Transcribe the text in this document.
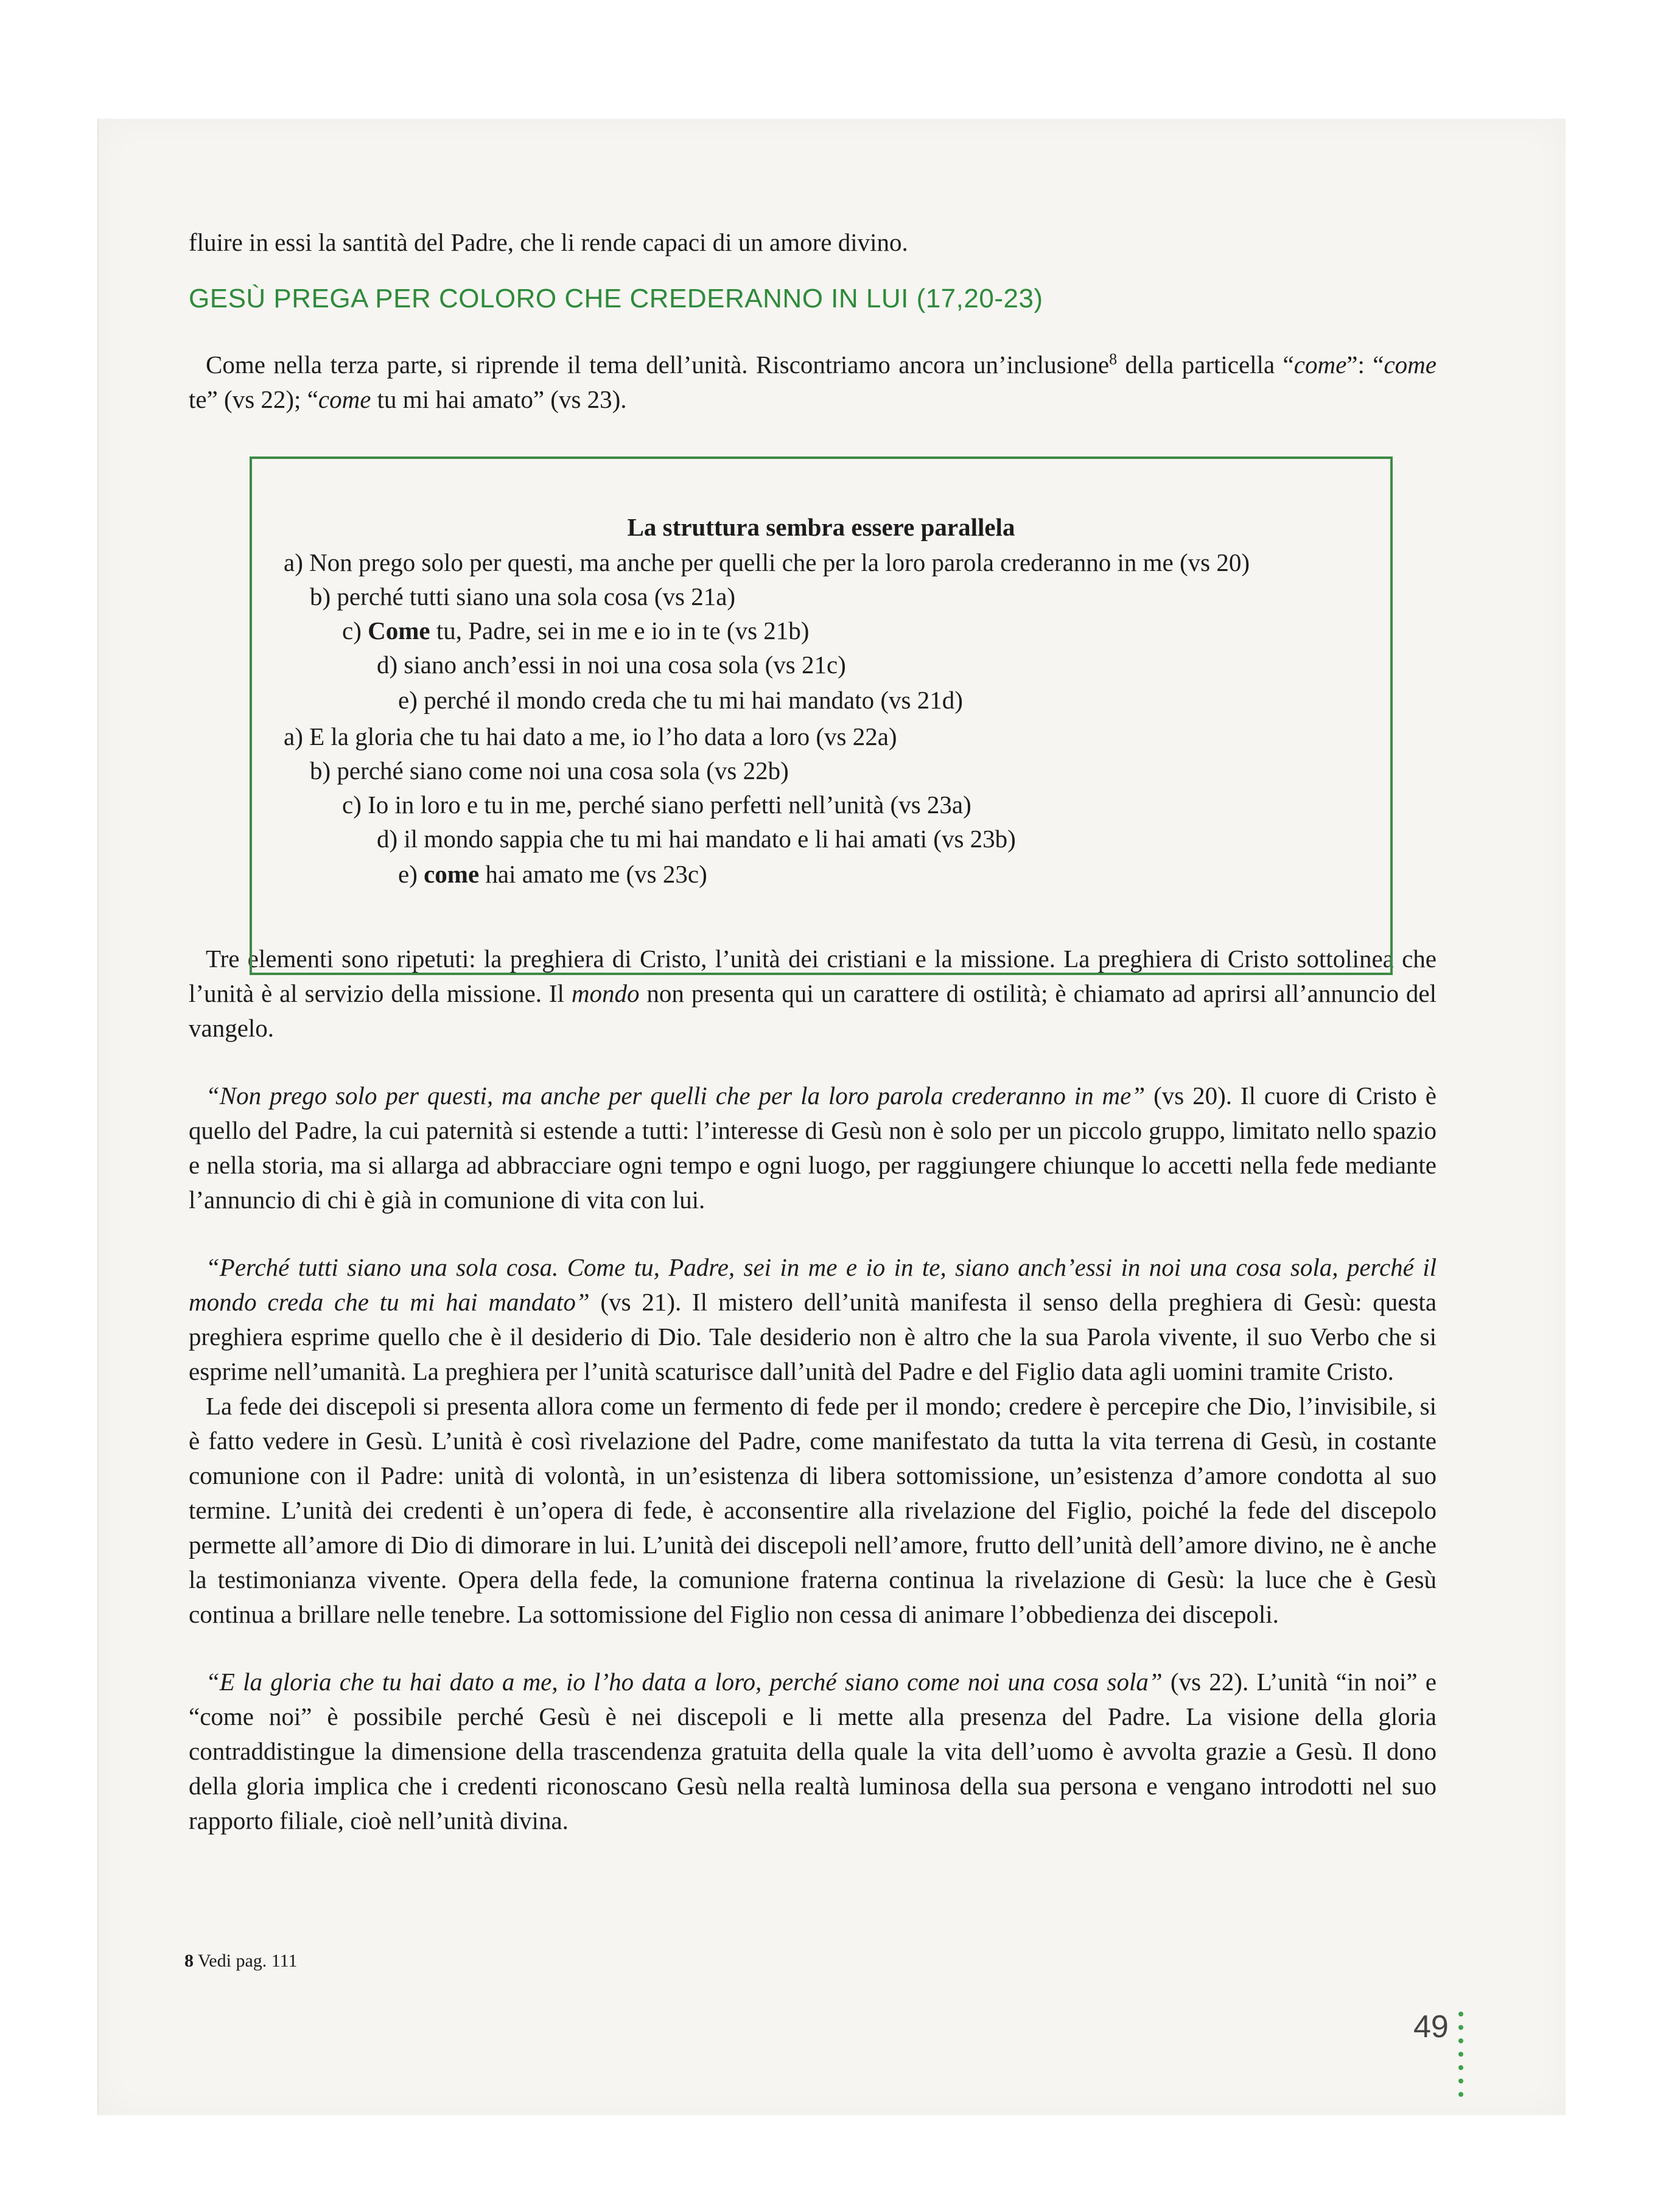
fluire in essi la santità del Padre, che li rende capaci di un amore divino.

GESÙ PREGA PER COLORO CHE CREDERANNO IN LUI (17,20-23)

Come nella terza parte, si riprende il tema dell’unità. Riscontriamo ancora un’inclusione$^8$ della particella “come”: “come te” (vs 22); “come tu mi hai amato” (vs 23).

Tre elementi sono ripetuti: la preghiera di Cristo, l’unità dei cristiani e la missione. La preghiera di Cristo sottolinea che l’unità è al servizio della missione. Il mondo non presenta qui un carattere di ostilità; è chiamato ad aprirsi all’annuncio del vangelo.

“Non prego solo per questi, ma anche per quelli che per la loro parola crederanno in me” (vs 20). Il cuore di Cristo è quello del Padre, la cui paternità si estende a tutti: l’interesse di Gesù non è solo per un piccolo gruppo, limitato nello spazio e nella storia, ma si allarga ad abbracciare ogni tempo e ogni luogo, per raggiungere chiunque lo accetti nella fede mediante l’annuncio di chi è già in comunione di vita con lui.

“Perché tutti siano una sola cosa. Come tu, Padre, sei in me e io in te, siano anch’essi in noi una cosa sola, perché il mondo creda che tu mi hai mandato” (vs 21). Il mistero dell’unità manifesta il senso della preghiera di Gesù: questa preghiera esprime quello che è il desiderio di Dio. Tale desiderio non è altro che la sua Parola vivente, il suo Verbo che si esprime nell’umanità. La preghiera per l’unità scaturisce dall’unità del Padre e del Figlio data agli uomini tramite Cristo.

La fede dei discepoli si presenta allora come un fermento di fede per il mondo; credere è percepire che Dio, l’invisibile, si è fatto vedere in Gesù. L’unità è così rivelazione del Padre, come manifestato da tutta la vita terrena di Gesù, in costante comunione con il Padre: unità di volontà, in un’esistenza di libera sottomissione, un’esistenza d’amore condotta al suo termine. L’unità dei credenti è un’opera di fede, è acconsentire alla rivelazione del Figlio, poiché la fede del discepolo permette all’amore di Dio di dimorare in lui. L’unità dei discepoli nell’amore, frutto dell’unità dell’amore divino, ne è anche la testimonianza vivente. Opera della fede, la comunione fraterna continua la rivelazione di Gesù: la luce che è Gesù continua a brillare nelle tenebre. La sottomissione del Figlio non cessa di animare l’obbedienza dei discepoli.

“E la gloria che tu hai dato a me, io l’ho data a loro, perché siano come noi una cosa sola” (vs 22). L’unità “in noi” e “come noi” è possibile perché Gesù è nei discepoli e li mette alla presenza del Padre. La visione della gloria contraddistingue la dimensione della trascendenza gratuita della quale la vita dell’uomo è avvolta grazie a Gesù. Il dono della gloria implica che i credenti riconoscano Gesù nella realtà luminosa della sua persona e vengano introdotti nel suo rapporto filiale, cioè nell’unità divina.

La struttura sembra essere parallela
a) Non prego solo per questi, ma anche per quelli che per la loro parola crederanno in me (vs 20)
b) perché tutti siano una sola cosa (vs 21a)
c) Come tu, Padre, sei in me e io in te (vs 21b)
d) siano anch’essi in noi una cosa sola (vs 21c)
e) perché il mondo creda che tu mi hai mandato (vs 21d)
a) E la gloria che tu hai dato a me, io l’ho data a loro (vs 22a)
b) perché siano come noi una cosa sola (vs 22b)
c) Io in loro e tu in me, perché siano perfetti nell’unità (vs 23a)
d) il mondo sappia che tu mi hai mandato e li hai amati (vs 23b)
e) come hai amato me (vs 23c)
8 Vedi pag. 111
49
